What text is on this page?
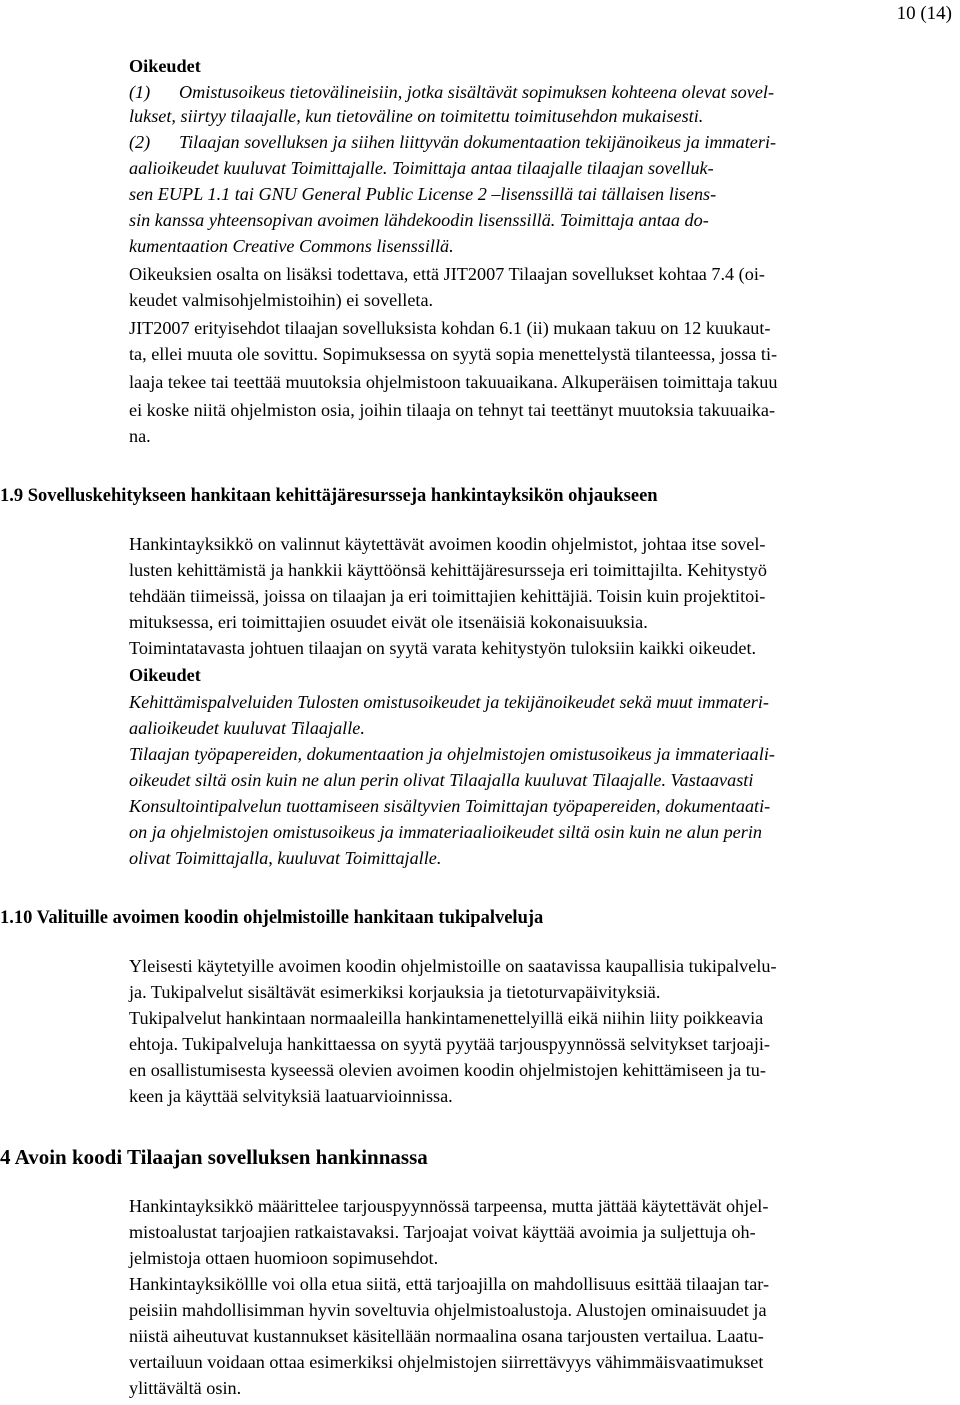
10 (14)
Oikeudet
(1) Omistusoikeus tietovälineisiin, jotka sisältävät sopimuksen kohteena olevat sovel-
lukset, siirtyy tilaajalle, kun tietoväline on toimitettu toimitusehdon mukaisesti.
(2) Tilaajan sovelluksen ja siihen liittyvän dokumentaation tekijänoikeus ja immateri-
aalioikeudet kuuluvat Toimittajalle. Toimittaja antaa tilaajalle tilaajan sovelluk-
sen EUPL 1.1 tai GNU General Public License 2 –lisenssillä tai tällaisen lisens-
sin kanssa yhteensopivan avoimen lähdekoodin lisenssillä. Toimittaja antaa do-
kumentaation Creative Commons lisenssillä.
Oikeuksien osalta on lisäksi todettava, että JIT2007 Tilaajan sovellukset kohtaa 7.4 (oi-
keudet valmisohjelmistoihin) ei sovelleta.
JIT2007 erityisehdot tilaajan sovelluksista kohdan 6.1 (ii) mukaan takuu on 12 kuukaut-
ta, ellei muuta ole sovittu. Sopimuksessa on syytä sopia menettelystä tilanteessa, jossa ti-
laaja tekee tai teettää muutoksia ohjelmistoon takuuaikana. Alkuperäisen toimittaja takuu
ei koske niitä ohjelmiston osia, joihin tilaaja on tehnyt tai teettänyt muutoksia takuuaika-
na.
1.9 Sovelluskehitykseen hankitaan kehittäjäresursseja hankintayksikön ohjaukseen
Hankintayksikkö on valinnut käytettävät avoimen koodin ohjelmistot, johtaa itse sovel-
lusten kehittämistä ja hankkii käyttöönsä kehittäjäresursseja eri toimittajilta. Kehitystyö
tehdään tiimeissä, joissa on tilaajan ja eri toimittajien kehittäjiä. Toisin kuin projektitoi-
mituksessa, eri toimittajien osuudet eivät ole itsenäisiä kokonaisuuksia.
Toimintatavasta johtuen tilaajan on syytä varata kehitystyön tuloksiin kaikki oikeudet.
Oikeudet
Kehittämispalveluiden Tulosten omistusoikeudet ja tekijänoikeudet sekä muut immateri-
aalioikeudet kuuluvat Tilaajalle.
Tilaajan työpapereiden, dokumentaation ja ohjelmistojen omistusoikeus ja immateriaali-
oikeudet siltä osin kuin ne alun perin olivat Tilaajalla kuuluvat Tilaajalle. Vastaavasti
Konsultointipalvelun tuottamiseen sisältyvien Toimittajan työpapereiden, dokumentaati-
on ja ohjelmistojen omistusoikeus ja immateriaalioikeudet siltä osin kuin ne alun perin
olivat Toimittajalla, kuuluvat Toimittajalle.
1.10 Valituille avoimen koodin ohjelmistoille hankitaan tukipalveluja
Yleisesti käytetyille avoimen koodin ohjelmistoille on saatavissa kaupallisia tukipalvelu-
ja. Tukipalvelut sisältävät esimerkiksi korjauksia ja tietoturvapäivityksiä.
Tukipalvelut hankintaan normaaleilla hankintamenettelyillä eikä niihin liity poikkeavia
ehtoja. Tukipalveluja hankittaessa on syytä pyytää tarjouspyynnössä selvitykset tarjoaji-
en osallistumisesta kyseessä olevien avoimen koodin ohjelmistojen kehittämiseen ja tu-
keen ja käyttää selvityksiä laatuarvioinnissa.
4 Avoin koodi Tilaajan sovelluksen hankinnassa
Hankintayksikkö määrittelee tarjouspyynnössä tarpeensa, mutta jättää käytettävät ohjel-
mistoalustat tarjoajien ratkaistavaksi. Tarjoajat voivat käyttää avoimia ja suljettuja oh-
jelmistoja ottaen huomioon sopimusehdot.
Hankintayksiköllle voi olla etua siitä, että tarjoajilla on mahdollisuus esittää tilaajan tar-
peisiin mahdollisimman hyvin soveltuvia ohjelmistoalustoja. Alustojen ominaisuudet ja
niistä aiheutuvat kustannukset käsitellään normaalina osana tarjousten vertailua. Laatu-
vertailuun voidaan ottaa esimerkiksi ohjelmistojen siirrettävyys vähimmäisvaatimukset
ylittävältä osin.
